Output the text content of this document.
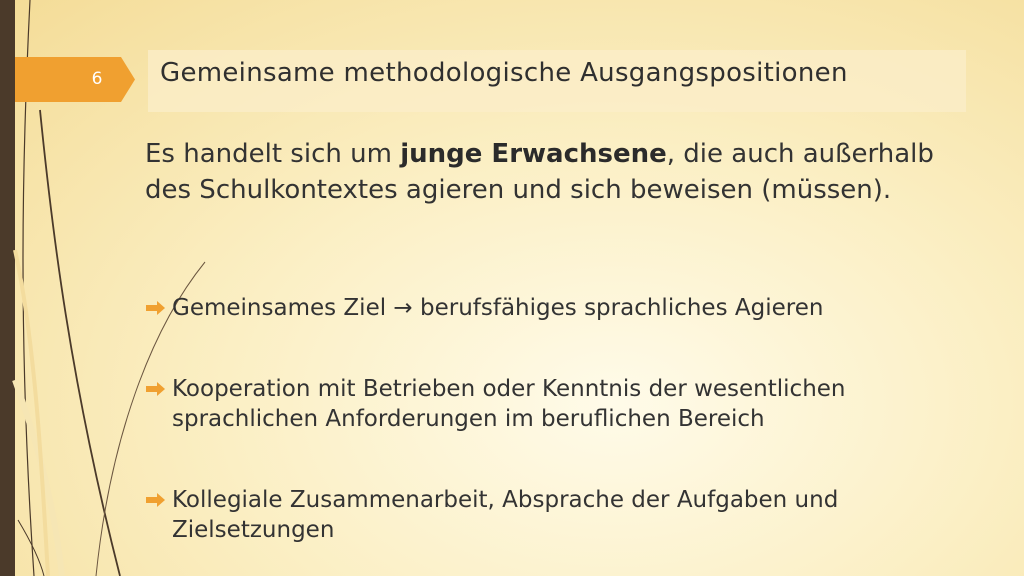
6 Gemeinsame methodologische Ausgangspositionen

Es handelt sich um junge Erwachsene, die auch außerhalb des Schulkontextes agieren und sich beweisen (müssen).

Gemeinsames Ziel → berufsfähiges sprachliches Agieren
Kooperation mit Betrieben oder Kenntnis der wesentlichen sprachlichen Anforderungen im beruflichen Bereich
Kollegiale Zusammenarbeit, Absprache der Aufgaben und Zielsetzungen
